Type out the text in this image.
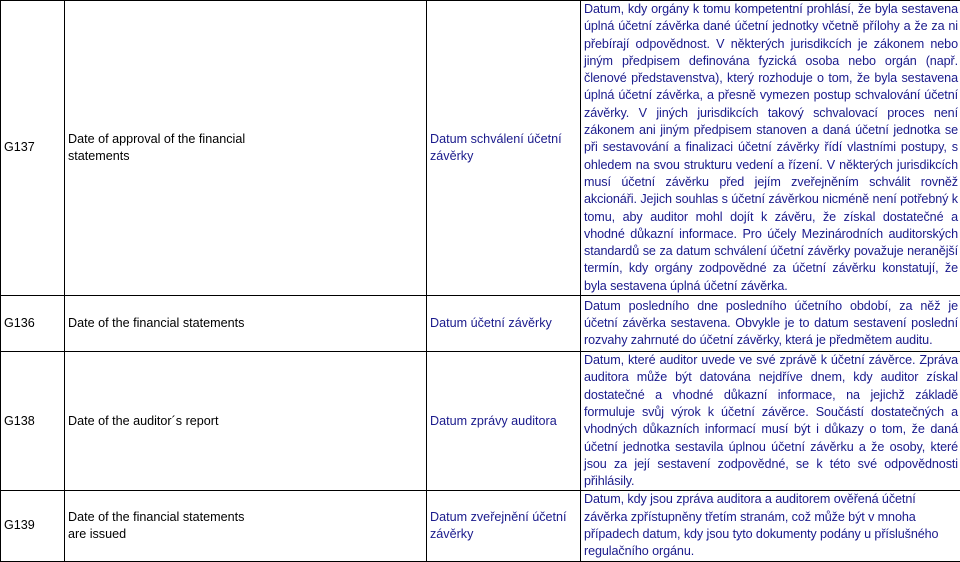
G137	Date of approval of the financial statements	Datum schválení účetní závěrky	Datum, kdy orgány k tomu kompetentní prohlásí, že byla sestavena úplná účetní závěrka dané účetní jednotky včetně přílohy a že za ni přebírají odpovědnost. V některých jurisdikcích je zákonem nebo jiným předpisem definována fyzická osoba nebo orgán (např. členové představenstva), který rozhoduje o tom, že byla sestavena úplná účetní závěrka, a přesně vymezen postup schvalování účetní závěrky. V jiných jurisdikcích takový schvalovací proces není zákonem ani jiným předpisem stanoven a daná účetní jednotka se při sestavování a finalizaci účetní závěrky řídí vlastními postupy, s ohledem na svou strukturu vedení a řízení. V některých jurisdikcích musí účetní závěrku před jejím zveřejněním schválit rovněž akcionáři. Jejich souhlas s účetní závěrkou nicméně není potřebný k tomu, aby auditor mohl dojít k závěru, že získal dostatečné a vhodné důkazní informace. Pro účely Mezinárodních auditorských standardů se za datum schválení účetní závěrky považuje neranější termín, kdy orgány zodpovědné za účetní závěrku konstatují, že byla sestavena úplná účetní závěrka.
G136	Date of the financial statements	Datum účetní závěrky	Datum posledního dne posledního účetního období, za něž je účetní závěrka sestavena. Obvykle je to datum sestavení poslední rozvahy zahrnuté do účetní závěrky, která je předmětem auditu.
G138	Date of the auditor´s report	Datum zprávy auditora	Datum, které auditor uvede ve své zprávě k účetní závěrce. Zpráva auditora může být datována nejdříve dnem, kdy auditor získal dostatečné a vhodné důkazní informace, na jejichž základě formuluje svůj výrok k účetní závěrce. Součástí dostatečných a vhodných důkazních informací musí být i důkazy o tom, že daná účetní jednotka sestavila úplnou účetní závěrku a že osoby, které jsou za její sestavení zodpovědné, se k této své odpovědnosti přihlásily.
G139	Date of the financial statements are issued	Datum zveřejnění účetní závěrky	Datum, kdy jsou zpráva auditora a auditorem ověřená účetní závěrka zpřístupněny třetím stranám, což může být v mnoha případech datum, kdy jsou tyto dokumenty podány u příslušného regulačního orgánu.
